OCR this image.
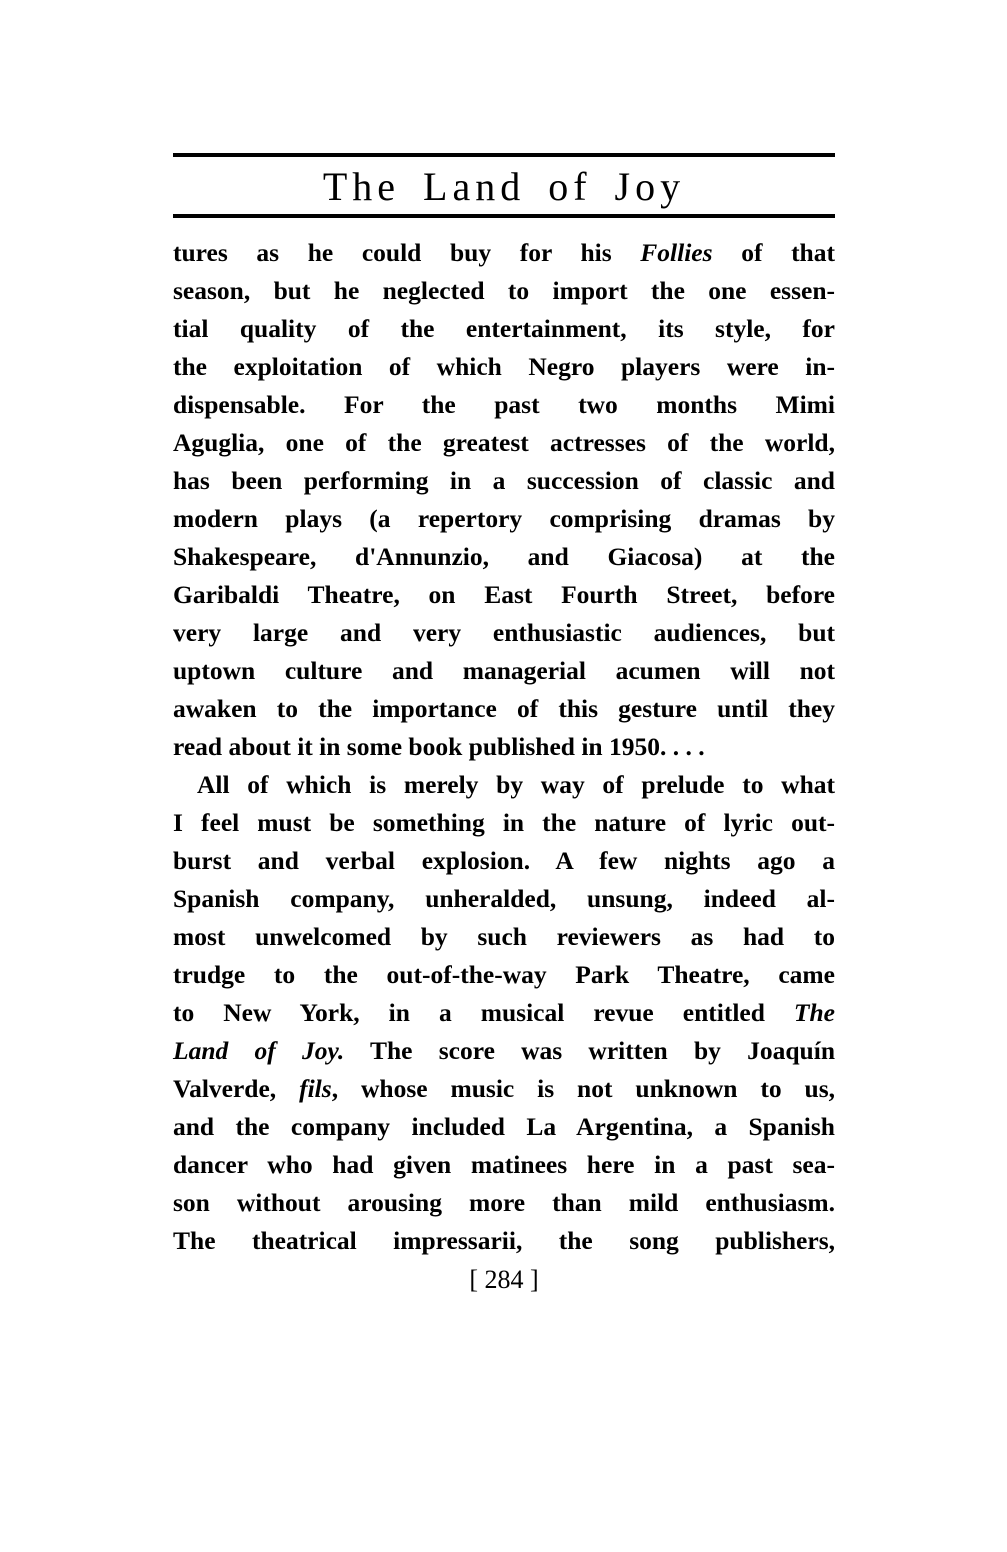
The Land of Joy
tures as he could buy for his Follies of that
season, but he neglected to import the one essen-
tial quality of the entertainment, its style, for
the exploitation of which Negro players were in-
dispensable. For the past two months Mimi
Aguglia, one of the greatest actresses of the world,
has been performing in a succession of classic and
modern plays (a repertory comprising dramas by
Shakespeare, d'Annunzio, and Giacosa) at the
Garibaldi Theatre, on East Fourth Street, before
very large and very enthusiastic audiences, but
uptown culture and managerial acumen will not
awaken to the importance of this gesture until they
read about it in some book published in 1950. . . .
All of which is merely by way of prelude to what
I feel must be something in the nature of lyric out-
burst and verbal explosion. A few nights ago a
Spanish company, unheralded, unsung, indeed al-
most unwelcomed by such reviewers as had to
trudge to the out-of-the-way Park Theatre, came
to New York, in a musical revue entitled The
Land of Joy. The score was written by Joaquín
Valverde, fils, whose music is not unknown to us,
and the company included La Argentina, a Spanish
dancer who had given matinees here in a past sea-
son without arousing more than mild enthusiasm.
The theatrical impressarii, the song publishers,
[ 284 ]
